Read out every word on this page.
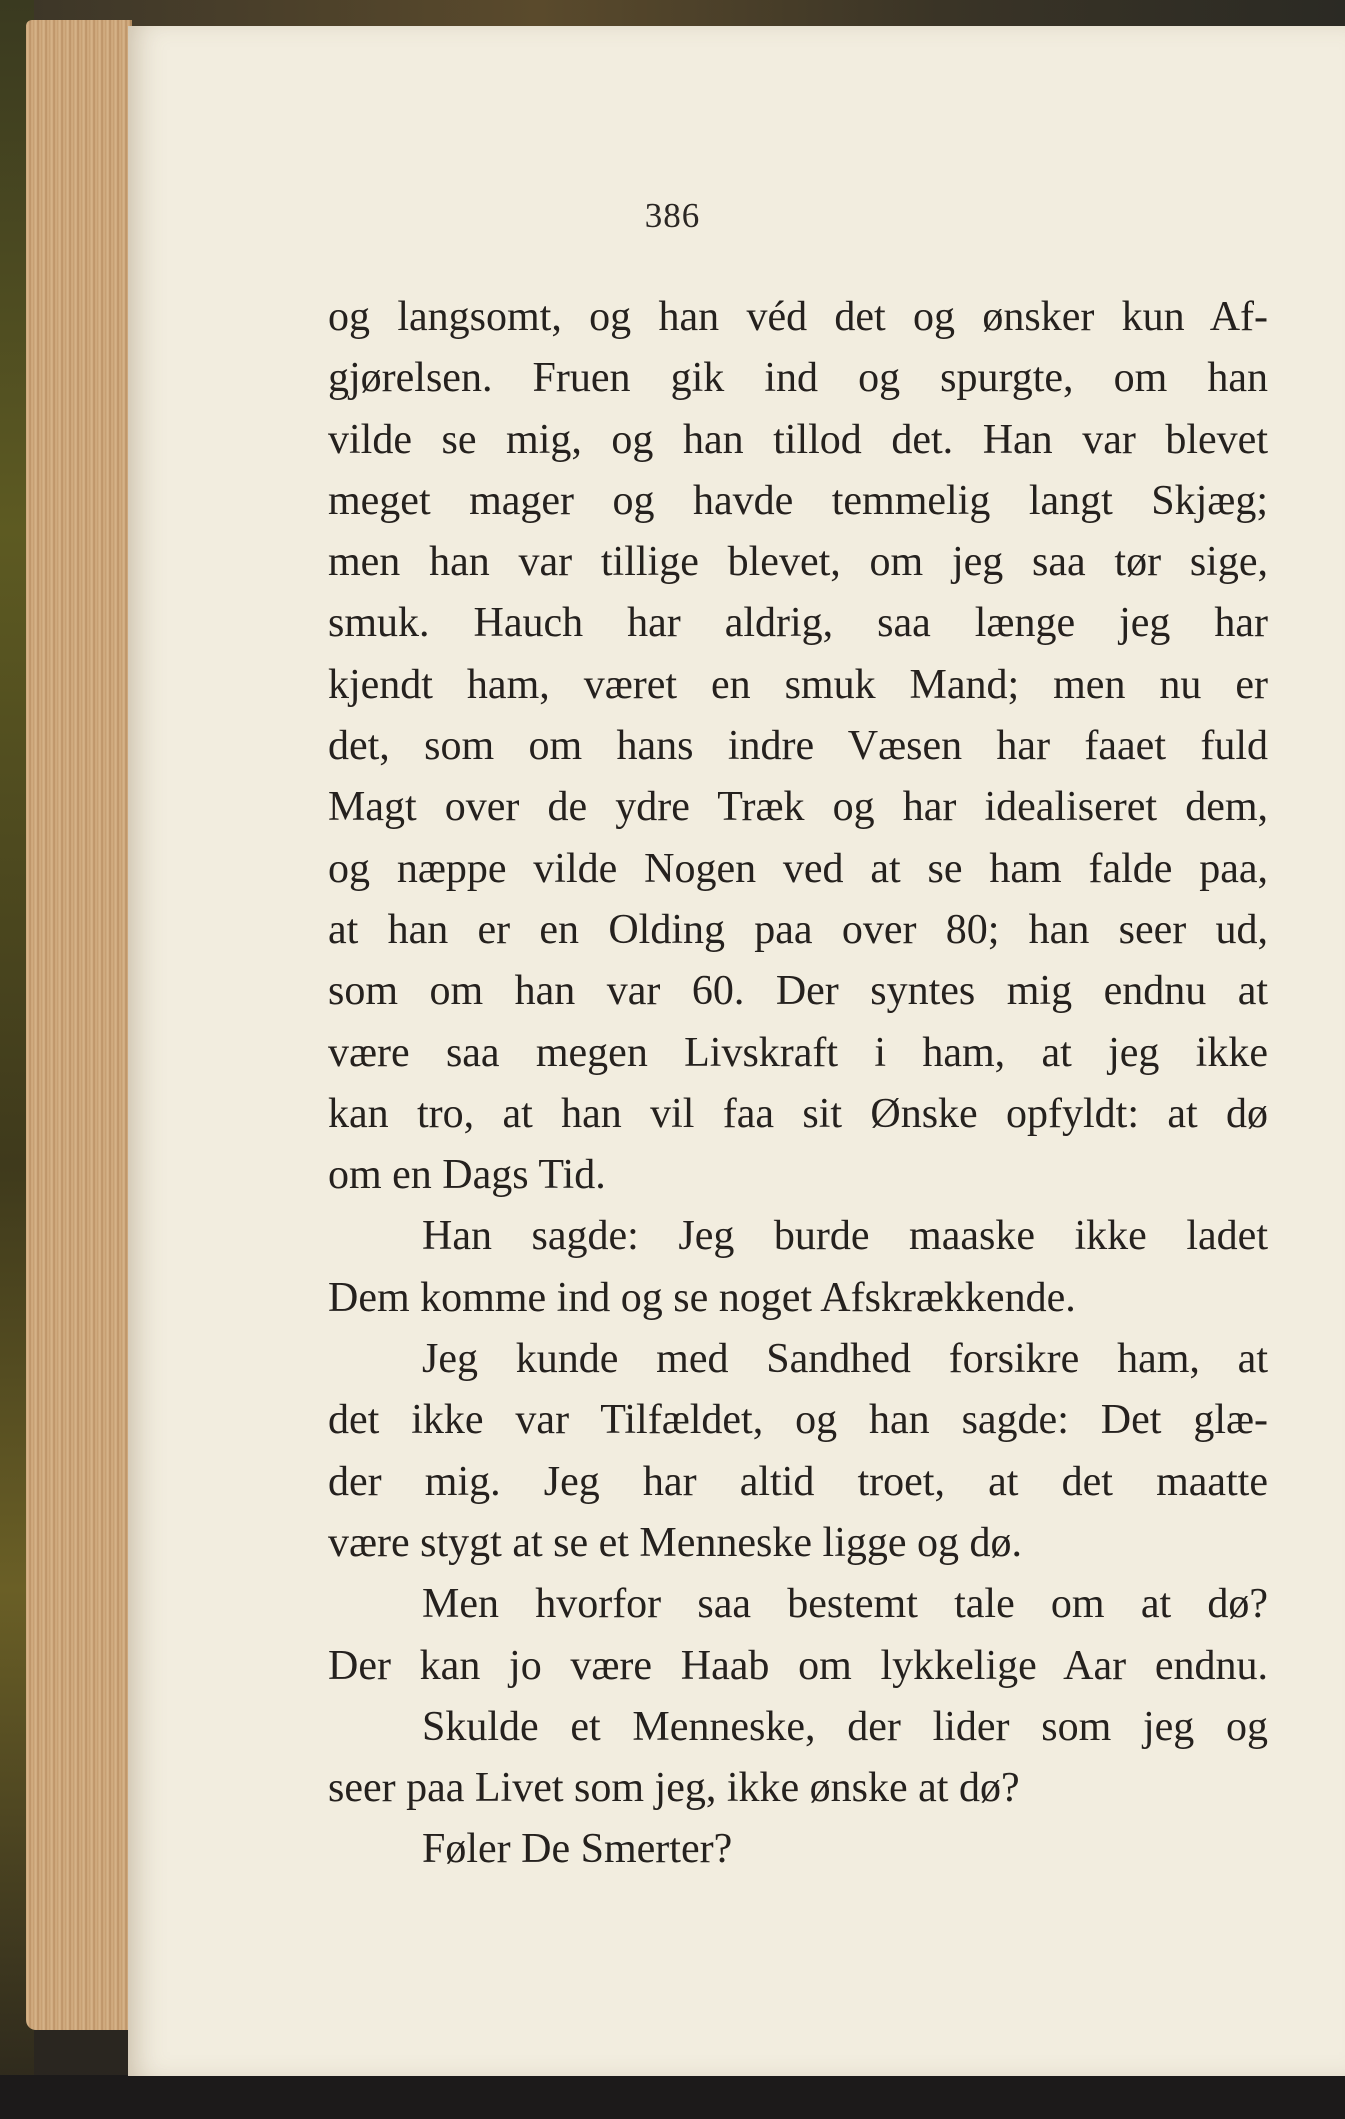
386
og langsomt, og han véd det og ønsker kun Af-
gjørelsen. Fruen gik ind og spurgte, om han
vilde se mig, og han tillod det. Han var blevet
meget mager og havde temmelig langt Skjæg;
men han var tillige blevet, om jeg saa tør sige,
smuk. Hauch har aldrig, saa længe jeg har
kjendt ham, været en smuk Mand; men nu er
det, som om hans indre Væsen har faaet fuld
Magt over de ydre Træk og har idealiseret dem,
og næppe vilde Nogen ved at se ham falde paa,
at han er en Olding paa over 80; han seer ud,
som om han var 60. Der syntes mig endnu at
være saa megen Livskraft i ham, at jeg ikke
kan tro, at han vil faa sit Ønske opfyldt: at dø
om en Dags Tid.
Han sagde: Jeg burde maaske ikke ladet
Dem komme ind og se noget Afskrækkende.
Jeg kunde med Sandhed forsikre ham, at
det ikke var Tilfældet, og han sagde: Det glæ-
der mig. Jeg har altid troet, at det maatte
være stygt at se et Menneske ligge og dø.
Men hvorfor saa bestemt tale om at dø?
Der kan jo være Haab om lykkelige Aar endnu.
Skulde et Menneske, der lider som jeg og
seer paa Livet som jeg, ikke ønske at dø?
Føler De Smerter?
